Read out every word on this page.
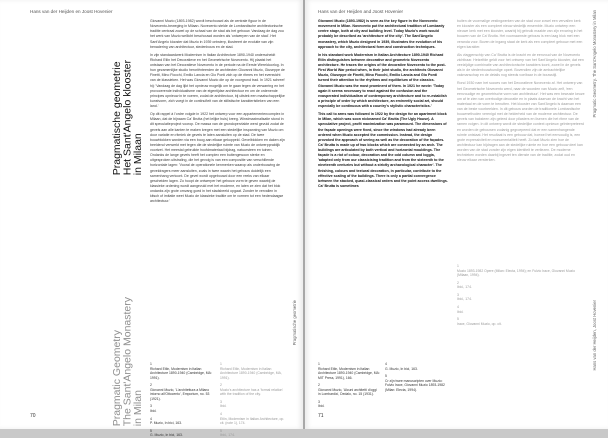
Hans van der Heijden en Joost Hovenier
Pragmatische geometrie
Het Sant'Angelo klooster
in Milaan
Pragmatic Geometry
The Sant'Angelo Monastery
in Milan

Giovanni Muzio (1893-1982) wordt beschouwd als de centrale figuur in de Novecento-beweging in Milaan. Novecento stelde de Lombardische architectonische traditie centraal zowel op de schaal van de stad als het gebouw. Vandaag de dag zou het werk van Muzio wellicht beschouwd worden als 'ontwerpen van de stad'. Het Sant'Angelo klooster dat Muzio in 1939 ontwierp, illustreert de evolutie van zijn benadering van architectuur, stedenbouw en de stad.

In zijn standaardwerk Modernism in Italian Architecture 1890-1940 onderscheidt Richard Etlin het Decoratieve en het Geometrische Novecento. Hij plaatst het ontstaan van het Decoratieve Novecento in de periode na de Eerste Wereldoorlog. In hun gezamenlijke studio heroriënteerden de architecten Giovanni Muzio, Giuseppe de Finetti, Mino Fiocchi, Emilio Lancia en Gio Ponti zich op de ritmes en het evenwicht van de klassieken. Het was Giovanni Muzio die op de voorgrond trad. In 1921 schreef hij: 'Vandaag de dag lijkt het opnieuw mogelijk om te gaan tegen de verwarring en het provocerende individualisme van de eigentijdse architectuur en om de ordenende principes opnieuw in te voeren, zodat de architectuur, bij uitstek een maatschappelijke kunstvorm, zich voegt in de continuïteit van de stilistische karakteristieken van een land.'

Op dit rappel à l'ordre volgde in 1922 het ontwerp voor een appartementencomplex in Milaan, dat de bijnaam Ca' Brutta (het lelijke huis) kreeg. Winstmaximalisatie stond in dit speculatieproject voorop. De massa van de grondopervlakte werd gevuld zodat de gevels aan alle kanten te maken kregen met een stedelijke inspanning van Muzio om door variatie en ritmiek de gevels te laten aansluiten op de stad. De twee bouwblokken worden via een boog aan elkaar gekoppeld. Gevelblokken en daken zijn beeldend verwerkt met tegen die de stedelijke ruimte van Muzio de ontwerppraktijk voortzet. Het meestal gebruikte hoofdmateriaal bijdrag, natuursteen en tuinen. Ondanks de lange gevels heeft het complex een buitengewoon sterke en uitgesproken uitstraling, die het gevolg is van een compositie van verschillende horizontale lagen: 'Vooral de operationele kenmerken waarop als onderbouwing de geveldragers meer aansluiten, zoals in twee waarin het gebouw duidelijk een samenhang vertoont. De gevel wordt opgebouwd door een reeks van elkaar gescheiden lagen. Zo hoopt de ontwerper het gebouw vorm te geven waarbij de klassieke ordening wordt aangevuld met het moderne, en laten ze zien dat het blok ondanks zijn grote omvang goed in het stadsbeeld opgaat. Zonder te vervallen in kitsch of imitatie weet Muzio de klassieke traditie om te vormen tot een hedendaagse architectuur.'

1
Richard Etlin, Modernism in Italian Architecture 1890-1940 (Cambridge, MA: 1991).
2
Giovanni Muzio, 'L'architettura a Milano intorno all'Ottocento', Emporium, no. 53 (1921).
3
Ibid.
4
P. Muzio, In bici, 163.
5
G. Muzio, In bici, 163.
1
Richard Etlin, Modernism in Italian Architecture 1890-1940 (Cambridge, MA, 1991).
2
Muzio's architecture has a 'formal relation' with the tradition of the city.
3
Ibid.
4
Etlin, Modernism in Italian Architecture, op. cit. (note 1), 174.
5
Ibid., 174.
Pragmatische geometrie
70
Hans van der Heijden and Joost Hovenier

Giovanni Muzio (1893-1982) is seen as the key figure in the Novecento movement in Milan. Novecento put the architectural tradition of Lombardy centre stage, both at city and building level. Today Muzio's work would probably be described as 'architecture of the city'. The Sant'Angelo monastery, which Muzio designed in 1939, illustrates the evolution of his approach to the city, architectural form and construction techniques.

In his standard work Modernism in Italian Architecture 1890-1940 Richard Etlin distinguishes between decorative and geometric Novecento architecture. He traces the origins of the decorative Novecento to the post-First World War period when, in their joint studio, the architects Giovanni Muzio, Giuseppe de Finetti, Mino Fiocchi, Emilio Lancia and Gio Ponti turned their attention to the rhythms and equilibrium of the classics. Giovanni Muzio was the most prominent of them. In 1921 he wrote: 'Today again it seems necessary to react against the confusion and the exasperated individualism of contemporary architecture and to re-establish a principle of order by which architecture, an eminently social art, should especially be continuous with a country's stylistic characteristics.'

This call to arms was followed in 1922 by the design for an apartment block in Milan, which was soon nicknamed Ca' Brutta (The Ugly House). A speculative project, profit maximization was paramount. The dimensions of the façade openings were fixed, since the windows had already been ordered when Muzio accepted the commission. Instead, the design provoked the approach of seeing as well as the decoration of the façades. Ca' Brutta is made up of two blocks which are connected by an arch. The buildings are articulated by both vertical and horizontal mouldings. The façade is a riot of colour, decoration and the odd column and loggia, 'adapted only from our classicising tradition and from the sixteenth to the nineteenth centuries but without a strictly archaeological character'. The finishing, colours and textural decoration, in particular, contribute to the effective scaling of the buildings. There is only a partial convergence between the stacked, quasi-classical orders and the point access dwellings. Ca' Brutta is sometimes

buiten de voormalige vestingwerken van de stad voor zowel een vervallen kerk en klooster als een compleet nieuw stedelijk ensemble. Muzio ontwierp een nieuwe kerk met een klooster, waarbij hij gebruik maakte van zijn ervaring in het bouwen van de Ca' Brutta. Het voornaamste gebouw is een laag blok met een veranda voor. Boven de ingang staat de kerk als een compleet gebouw met een eigen karakter.

Als vlaggenschip van Ca' Brutta is de kracht en de eenvoud van de Novecento zichtbaar. Hetzelfde geldt voor het ontwerp van het Sant'Angelo klooster, dat een veelzijdige combinatie van architectonische karakters toont, zowel in de gevels als in de stedenbouwkundige opzet. Bovendien zijn de ambachtelijke vakmanschap en de details nog steeds voelbaar in de bouwstijl.

Rond 1930 nam het succes van het Decoratieve Novecento af. Het ontwerp van het Geometrische Novecento werd, naar de woorden van Muzio zelf, 'een eenvoudige en geometrische vorm van architectuur'. Het was een bewuste keuze om af te zien van overbodige decoratie en in plaats daarvan de kracht van het materiaal en de vorm te benutten. Het klooster van Sant'Angelo is daarvan een van de beste voorbeelden. In dit gebouw worden de traditionele Lombardische bouwmethoden verenigd met de helderheid van de moderne architectuur. De gevels van baksteen zijn geleed door pilasters en lisenen die het ritme van de ramen volgen. In dit ontwerp wordt de stedelijke context opnieuw geïnterpreteerd en worden de gebouwen zodanig gegroepeerd dat er een samenhangende ruimte ontstaat. Het resultaat is een gebouw dat, hoewel het eenvoudig is, een grote expressiviteit en monumentaliteit heeft. Zo laat Muzio zien hoe de architectuur kan bijdragen aan de stedelijke ruimte en hoe een gebouw deel kan worden van de stad zonder zijn eigen identiteit te verliezen. De moderne technieken worden daarbij ingezet ten dienste van de traditie, zodat oud en nieuw elkaar versterken.

1
Richard Etlin, Modernism in Italian Architecture 1890-1940 (Cambridge, MA: MIT Press, 1991), 166.
2
Giovanni Muzio, 'Alcuni architetti d'oggi in Lombardia', Dedalo, no. 15 (1931).
3
Ibid.
4
G. Muzio, In bici, 163.
5
Cr zijn twee manuscripten over Muzio: Fulvio Irace, Giovanni Muzio 1893-1982 (Milan: Electa, 1994).
1
Muzio 1893-1982 Opere (Milan: Electa, 1994); en Fulvio Irace, Giovanni Muzio (Milaan, 1994).
2
Ibid., 174.
3
Ibid., 174.
4
Ibid.
5
Irace, Giovanni Muzio, op. cit.
Pragmatic Geometry. The Sant'Angelo Monastery in Milan
Hans van der Heijden, Joost Hovenier
71
